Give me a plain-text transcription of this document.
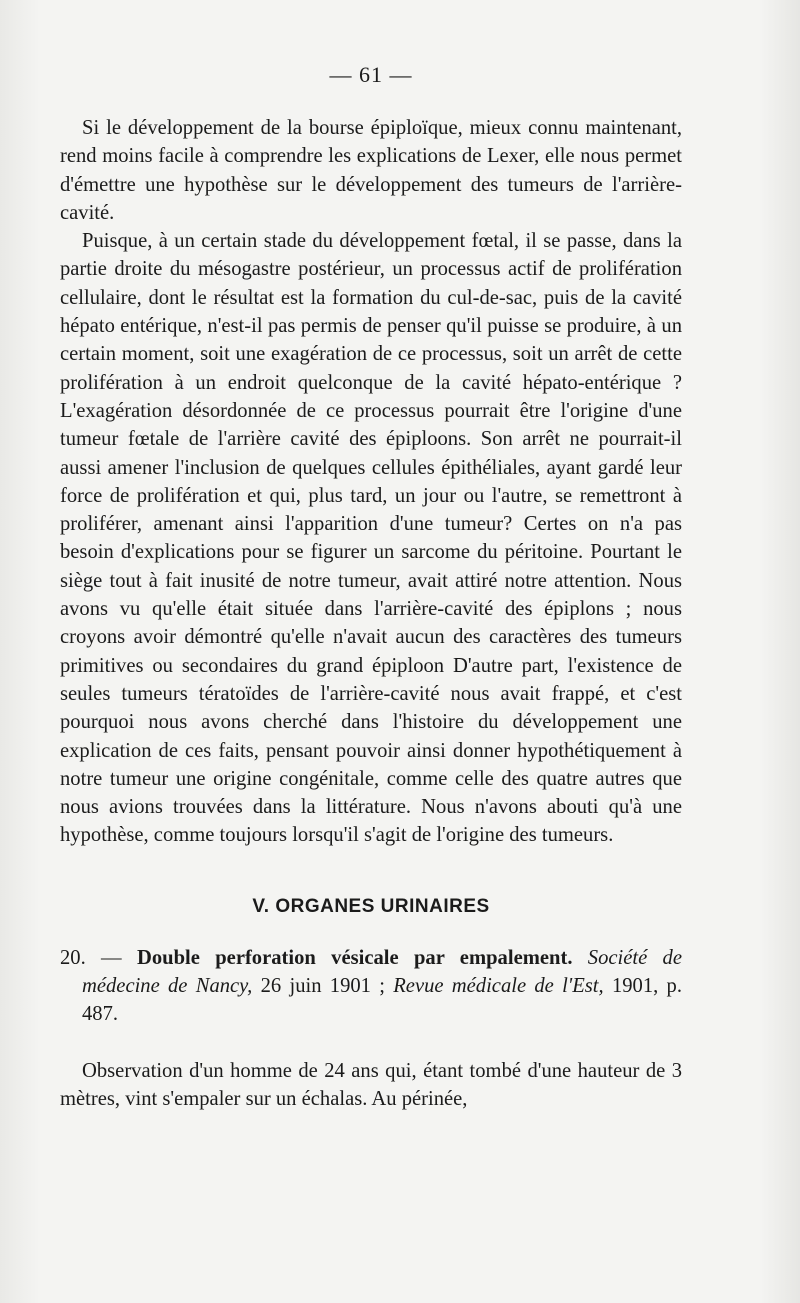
— 61 —

Si le développement de la bourse épiploïque, mieux connu maintenant, rend moins facile à comprendre les explications de Lexer, elle nous permet d'émettre une hypothèse sur le développement des tumeurs de l'arrière-cavité.

Puisque, à un certain stade du développement fœtal, il se passe, dans la partie droite du mésogastre postérieur, un processus actif de prolifération cellulaire, dont le résultat est la formation du cul-de-sac, puis de la cavité hépato entérique, n'est-il pas permis de penser qu'il puisse se produire, à un certain moment, soit une exagération de ce processus, soit un arrêt de cette prolifération à un endroit quelconque de la cavité hépato-entérique ? L'exagération désordonnée de ce processus pourrait être l'origine d'une tumeur fœtale de l'arrière cavité des épiploons. Son arrêt ne pourrait-il aussi amener l'inclusion de quelques cellules épithéliales, ayant gardé leur force de prolifération et qui, plus tard, un jour ou l'autre, se remettront à proliférer, amenant ainsi l'apparition d'une tumeur? Certes on n'a pas besoin d'explications pour se figurer un sarcome du péritoine. Pourtant le siège tout à fait inusité de notre tumeur, avait attiré notre attention. Nous avons vu qu'elle était située dans l'arrière-cavité des épiplons ; nous croyons avoir démontré qu'elle n'avait aucun des caractères des tumeurs primitives ou secondaires du grand épiploon D'autre part, l'existence de seules tumeurs tératoïdes de l'arrière-cavité nous avait frappé, et c'est pourquoi nous avons cherché dans l'histoire du développement une explication de ces faits, pensant pouvoir ainsi donner hypothétiquement à notre tumeur une origine congénitale, comme celle des quatre autres que nous avions trouvées dans la littérature. Nous n'avons abouti qu'à une hypothèse, comme toujours lorsqu'il s'agit de l'origine des tumeurs.

V. ORGANES URINAIRES

20. — Double perforation vésicale par empalement. Société de médecine de Nancy, 26 juin 1901 ; Revue médicale de l'Est, 1901, p. 487.

Observation d'un homme de 24 ans qui, étant tombé d'une hauteur de 3 mètres, vint s'empaler sur un échalas. Au périnée,
